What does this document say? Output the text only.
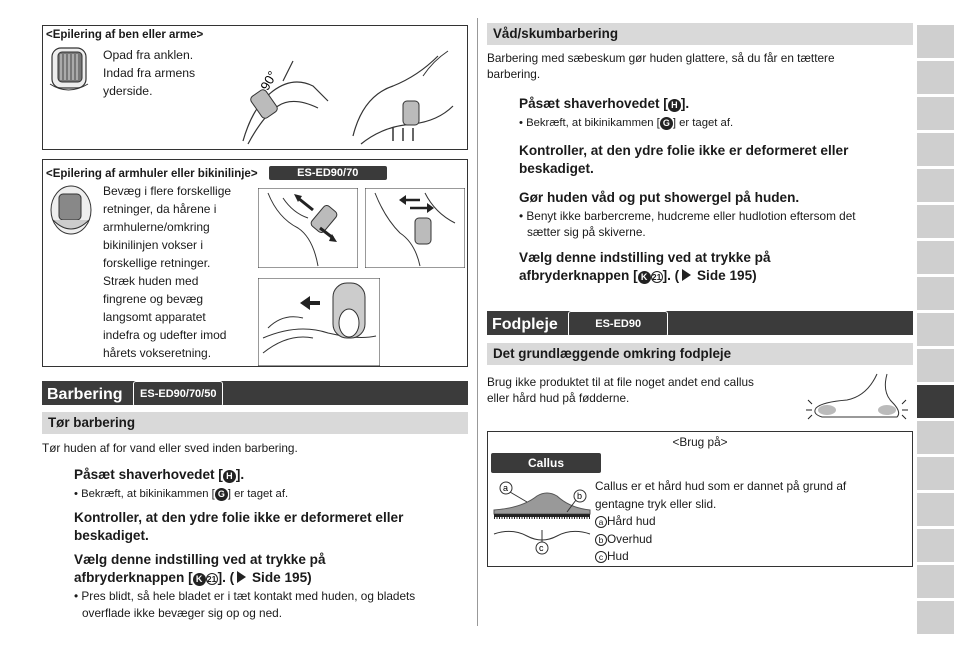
<Epilering af ben eller arme>
Opad fra anklen.
Indad fra armens
yderside.	90°
<Epilering af armhuler eller bikinilinje>	ES-ED90/70
Bevæg i flere forskellige
retninger, da hårene i
armhulerne/omkring
bikinilinjen vokser i
forskellige retninger.
Stræk huden med
fingrene og bevæg
langsomt apparatet
indefra og udefter imod
hårets vokseretning.
Barbering ES-ED90/70/50
Tør barbering
Tør huden af for vand eller sved inden barbering.
Påsæt shaverhovedet [ H ].
• Bekræft, at bikinikammen [ G ] er taget af.
Kontroller, at den ydre folie ikke er deformeret eller
beskadiget.
Vælg denne indstilling ved at trykke på
afbryderknappen [ K 21]. ( Side 195)
• Pres blidt, så hele bladet er i tæt kontakt med huden, og bladets
overflade ikke bevæger sig op og ned.
Våd/skumbarbering
Barbering med sæbeskum gør huden glattere, så du får en tættere
barbering.
Påsæt shaverhovedet [ H ].
• Bekræft, at bikinikammen [ G ] er taget af.
Kontroller, at den ydre folie ikke er deformeret eller
beskadiget.
Gør huden våd og put showergel på huden.
• Benyt ikke barbercreme, hudcreme eller hudlotion eftersom det
sætter sig på skiverne.
Vælg denne indstilling ved at trykke på
afbryderknappen [ K 21]. ( Side 195)
Fodpleje	ES-ED90
Det grundlæggende omkring fodpleje
Brug ikke produktet til at file noget andet end callus
eller hård hud på fødderne.
<Brug på>
Callus
a
b
c
Callus er et hård hud som er dannet på grund af
gentagne tryk eller slid.
a Hård hud
b Overhud
c Hud
